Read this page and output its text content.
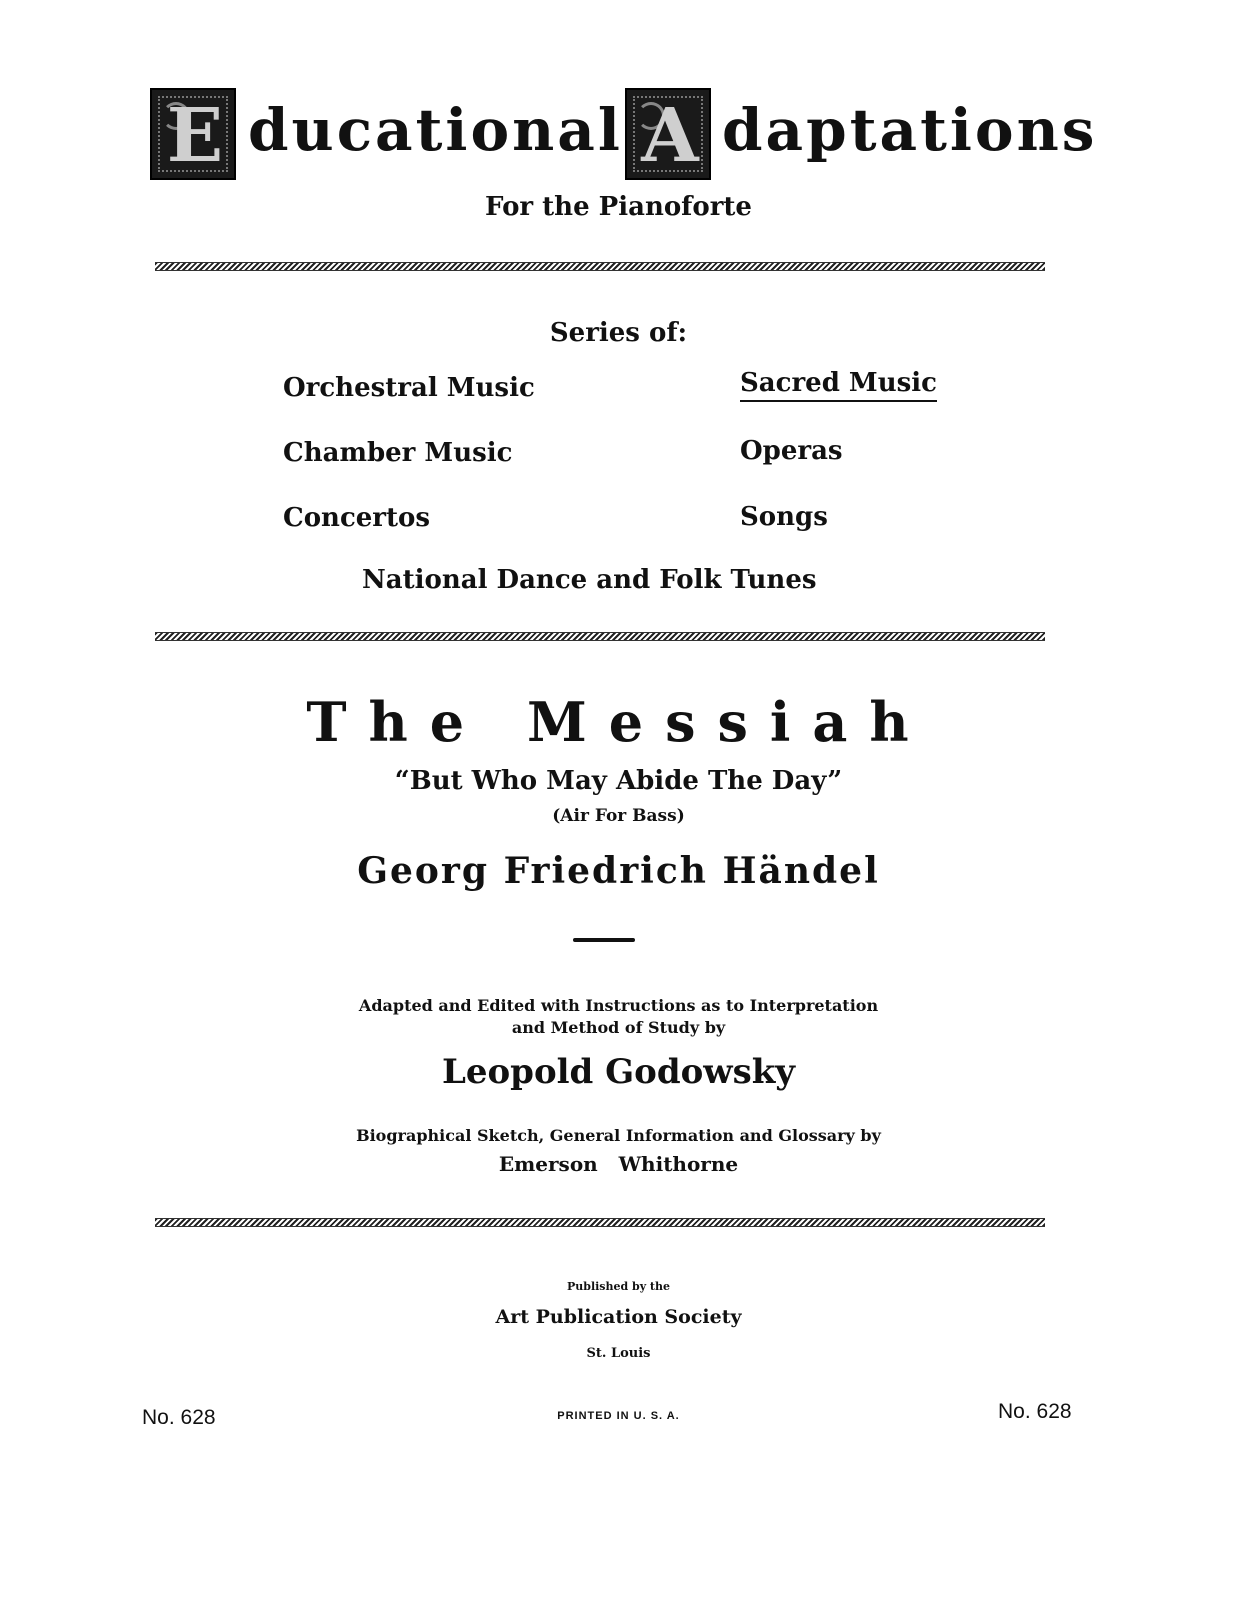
E ducational A daptations
For the Pianoforte
Series of:
Orchestral Music
Chamber Music
Concertos
Sacred Music
Operas
Songs
National Dance and Folk Tunes
The Messiah
“But Who May Abide The Day”
(Air For Bass)
Georg Friedrich Händel
Adapted and Edited with Instructions as to Interpretation
and Method of Study by
Leopold Godowsky
Biographical Sketch, General Information and Glossary by
Emerson   Whithorne
Published by the
Art Publication Society
St. Louis
No. 628	PRINTED IN U. S. A.	No. 628
